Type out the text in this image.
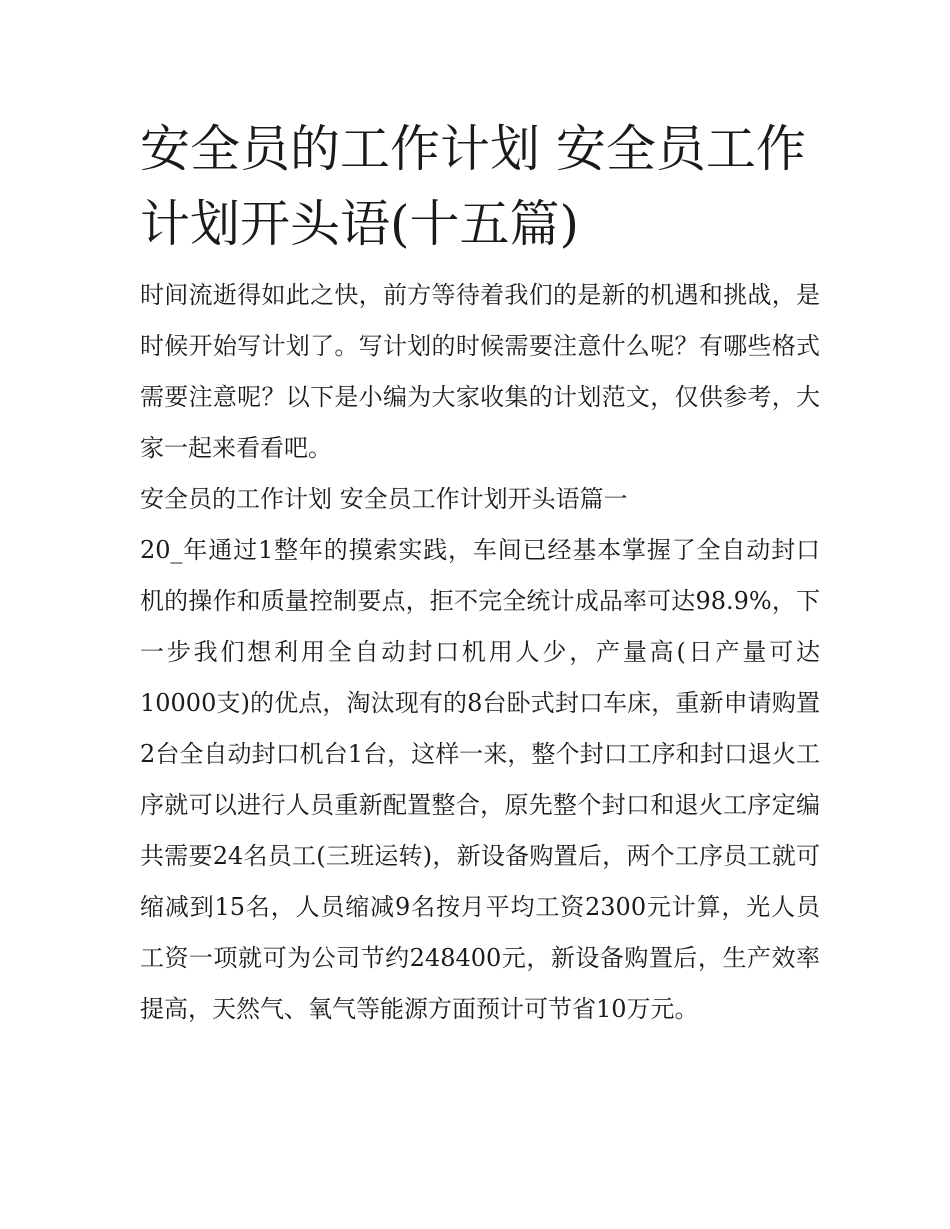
安全员的工作计划 安全员工作计划开头语(十五篇)

时间流逝得如此之快，前方等待着我们的是新的机遇和挑战，是时候开始写计划了。写计划的时候需要注意什么呢？有哪些格式需要注意呢？以下是小编为大家收集的计划范文，仅供参考，大家一起来看看吧。

安全员的工作计划 安全员工作计划开头语篇一

20_年通过1整年的摸索实践，车间已经基本掌握了全自动封口机的操作和质量控制要点，拒不完全统计成品率可达98.9%，下一步我们想利用全自动封口机用人少，产量高(日产量可达10000支)的优点，淘汰现有的8台卧式封口车床，重新申请购置2台全自动封口机台1台，这样一来，整个封口工序和封口退火工序就可以进行人员重新配置整合，原先整个封口和退火工序定编共需要24名员工(三班运转)，新设备购置后，两个工序员工就可缩减到15名，人员缩减9名按月平均工资2300元计算，光人员工资一项就可为公司节约248400元，新设备购置后，生产效率提高，天然气、氧气等能源方面预计可节省10万元。
